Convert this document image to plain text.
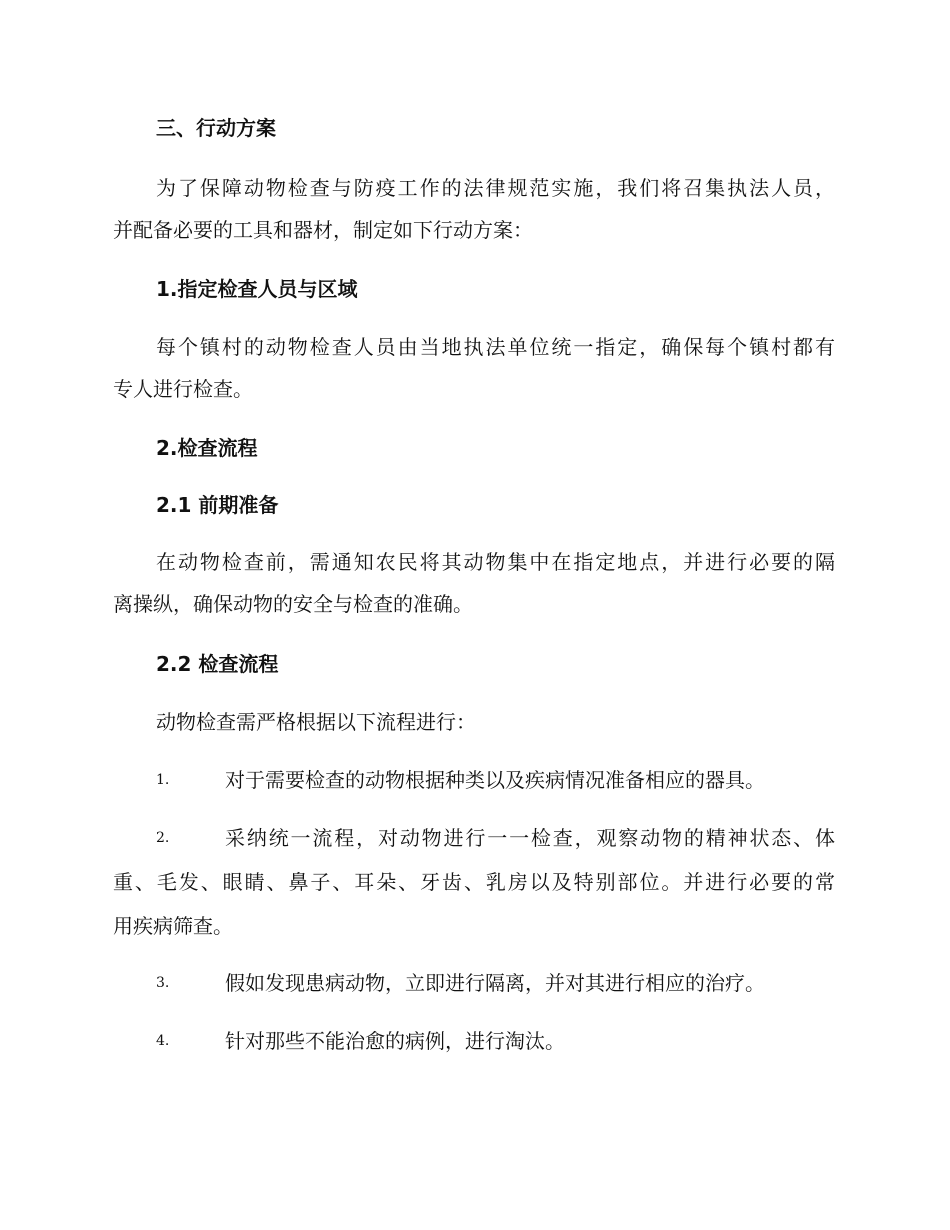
三、行动方案
为了保障动物检查与防疫工作的法律规范实施，我们将召集执法人员，
并配备必要的工具和器材，制定如下行动方案：
1.指定检查人员与区域
每个镇村的动物检查人员由当地执法单位统一指定，确保每个镇村都有
专人进行检查。
2.检查流程
2.1 前期准备
在动物检查前，需通知农民将其动物集中在指定地点，并进行必要的隔
离操纵，确保动物的安全与检查的准确。
2.2 检查流程
动物检查需严格根据以下流程进行：
1.	对于需要检查的动物根据种类以及疾病情况准备相应的器具。
2.	采纳统一流程，对动物进行一一检查，观察动物的精神状态、体
重、毛发、眼睛、鼻子、耳朵、牙齿、乳房以及特别部位。并进行必要的常
用疾病筛查。
3.	假如发现患病动物，立即进行隔离，并对其进行相应的治疗。
4.	针对那些不能治愈的病例，进行淘汰。
